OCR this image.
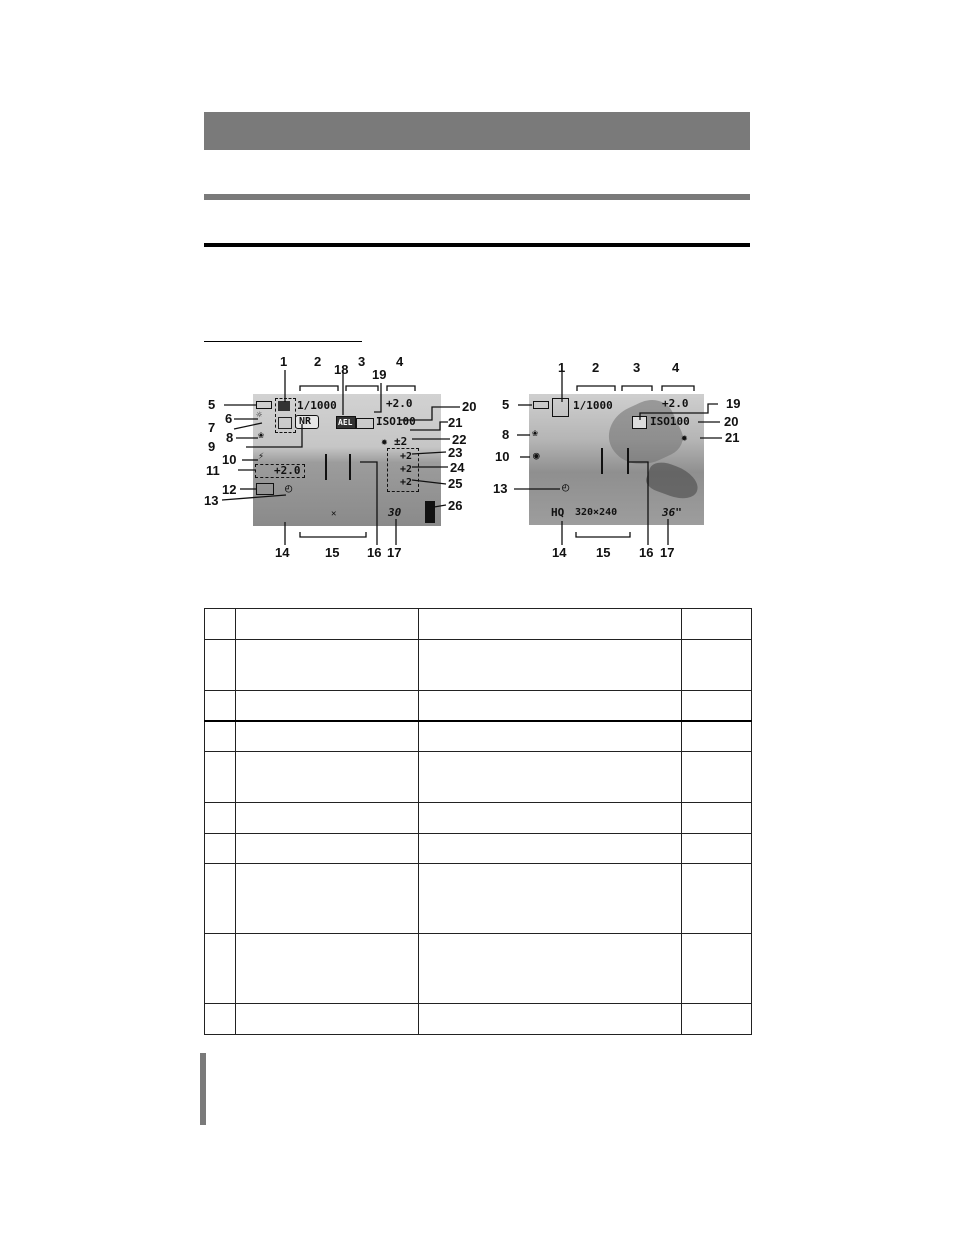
1/1000	+2.0
☼
❀
NR	AEL ISO100
⚡
+2.0
◴
✹ ±2
+2
+2
+2
✕	30
1 2	3 4
5
6
7
8
9
10
11
12
13
14	15 16 17
18 19
20
21
22
23
24
25
26
1/1000	+2.0
ISO100
❀	✹
◉
◴
HQ 320×240	36"
1 2	3 4
5	19
20
8	21
10
13
14 15 16 17
